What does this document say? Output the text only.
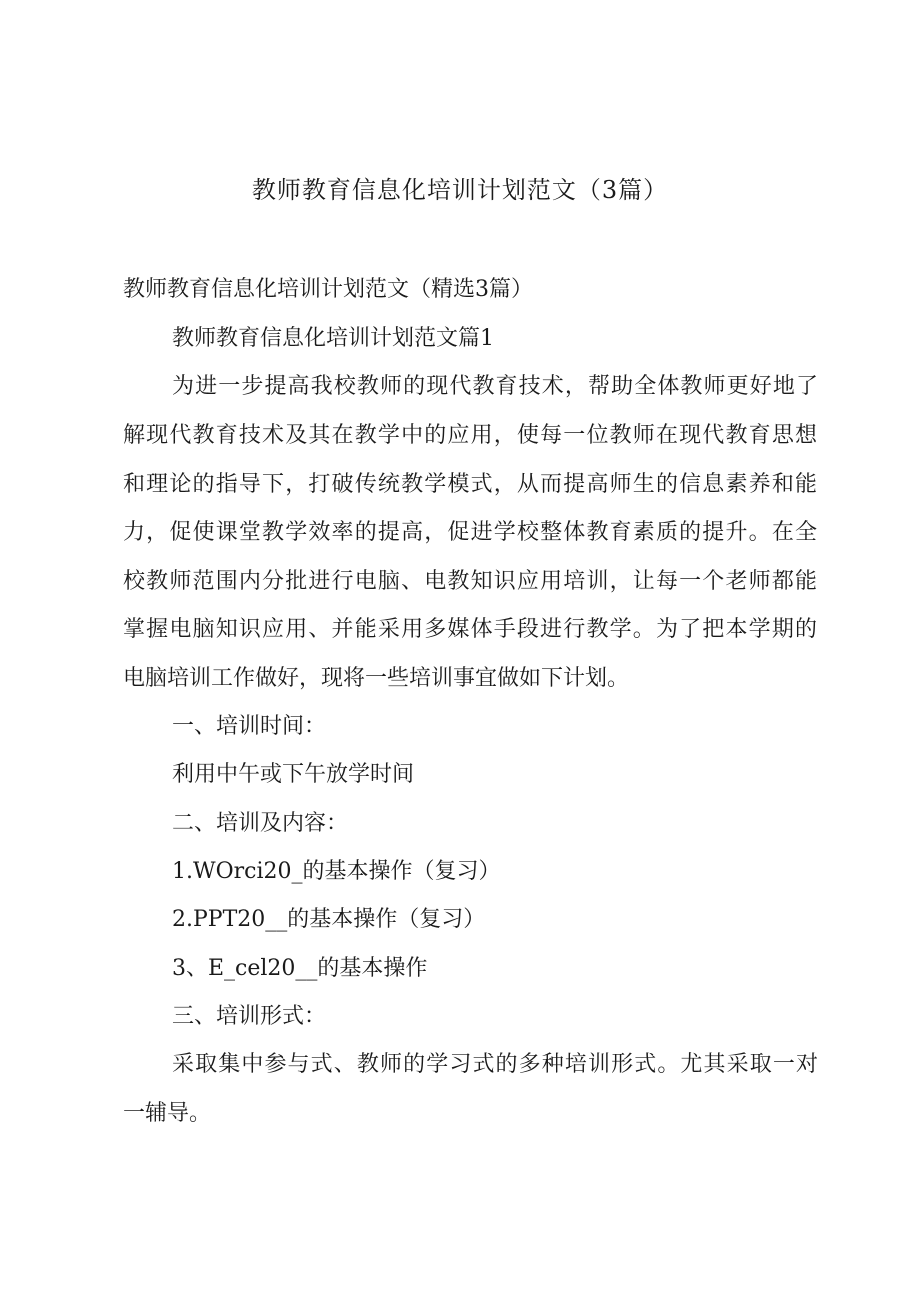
教师教育信息化培训计划范文（3篇）
教师教育信息化培训计划范文（精选3篇）
教师教育信息化培训计划范文篇1
为进一步提高我校教师的现代教育技术，帮助全体教师更好地了
解现代教育技术及其在教学中的应用，使每一位教师在现代教育思想
和理论的指导下，打破传统教学模式，从而提高师生的信息素养和能
力，促使课堂教学效率的提高，促进学校整体教育素质的提升。在全
校教师范围内分批进行电脑、电教知识应用培训，让每一个老师都能
掌握电脑知识应用、并能采用多媒体手段进行教学。为了把本学期的
电脑培训工作做好，现将一些培训事宜做如下计划。
一、培训时间：
利用中午或下午放学时间
二、培训及内容：
1.WOrci20_的基本操作（复习）
2.PPT20__的基本操作（复习）
3、E_cel20__的基本操作
三、培训形式：
采取集中参与式、教师的学习式的多种培训形式。尤其采取一对
一辅导。
